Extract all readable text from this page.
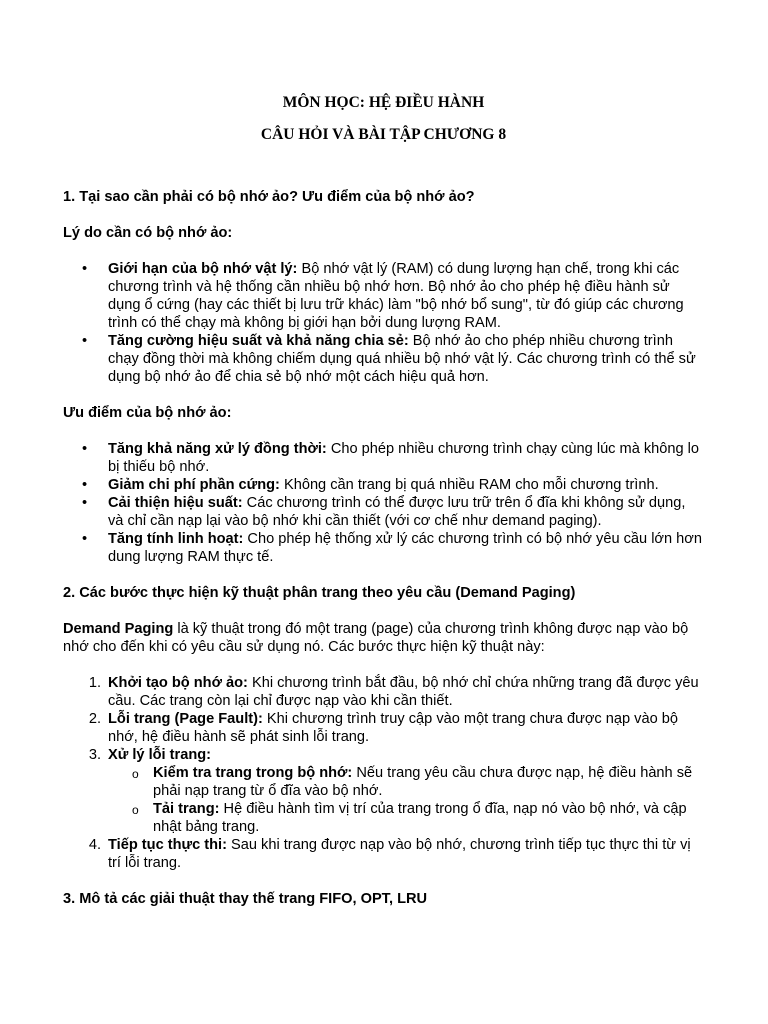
MÔN HỌC: HỆ ĐIỀU HÀNH

CÂU HỎI VÀ BÀI TẬP CHƯƠNG 8

1. Tại sao cần phải có bộ nhớ ảo? Ưu điểm của bộ nhớ ảo?

Lý do cần có bộ nhớ ảo:

• Giới hạn của bộ nhớ vật lý: Bộ nhớ vật lý (RAM) có dung lượng hạn chế, trong khi các chương trình và hệ thống cần nhiều bộ nhớ hơn. Bộ nhớ ảo cho phép hệ điều hành sử dụng ổ cứng (hay các thiết bị lưu trữ khác) làm "bộ nhớ bổ sung", từ đó giúp các chương trình có thể chạy mà không bị giới hạn bởi dung lượng RAM.
• Tăng cường hiệu suất và khả năng chia sẻ: Bộ nhớ ảo cho phép nhiều chương trình chạy đồng thời mà không chiếm dụng quá nhiều bộ nhớ vật lý. Các chương trình có thể sử dụng bộ nhớ ảo để chia sẻ bộ nhớ một cách hiệu quả hơn.

Ưu điểm của bộ nhớ ảo:

• Tăng khả năng xử lý đồng thời: Cho phép nhiều chương trình chạy cùng lúc mà không lo bị thiếu bộ nhớ.
• Giảm chi phí phần cứng: Không cần trang bị quá nhiều RAM cho mỗi chương trình.
• Cải thiện hiệu suất: Các chương trình có thể được lưu trữ trên ổ đĩa khi không sử dụng, và chỉ cần nạp lại vào bộ nhớ khi cần thiết (với cơ chế như demand paging).
• Tăng tính linh hoạt: Cho phép hệ thống xử lý các chương trình có bộ nhớ yêu cầu lớn hơn dung lượng RAM thực tế.

2. Các bước thực hiện kỹ thuật phân trang theo yêu cầu (Demand Paging)

Demand Paging là kỹ thuật trong đó một trang (page) của chương trình không được nạp vào bộ nhớ cho đến khi có yêu cầu sử dụng nó. Các bước thực hiện kỹ thuật này:

1. Khởi tạo bộ nhớ ảo: Khi chương trình bắt đầu, bộ nhớ chỉ chứa những trang đã được yêu cầu. Các trang còn lại chỉ được nạp vào khi cần thiết.
2. Lỗi trang (Page Fault): Khi chương trình truy cập vào một trang chưa được nạp vào bộ nhớ, hệ điều hành sẽ phát sinh lỗi trang.
3. Xử lý lỗi trang:
o Kiểm tra trang trong bộ nhớ: Nếu trang yêu cầu chưa được nạp, hệ điều hành sẽ phải nạp trang từ ổ đĩa vào bộ nhớ.
o Tải trang: Hệ điều hành tìm vị trí của trang trong ổ đĩa, nạp nó vào bộ nhớ, và cập nhật bảng trang.
4. Tiếp tục thực thi: Sau khi trang được nạp vào bộ nhớ, chương trình tiếp tục thực thi từ vị trí lỗi trang.

3. Mô tả các giải thuật thay thế trang FIFO, OPT, LRU
